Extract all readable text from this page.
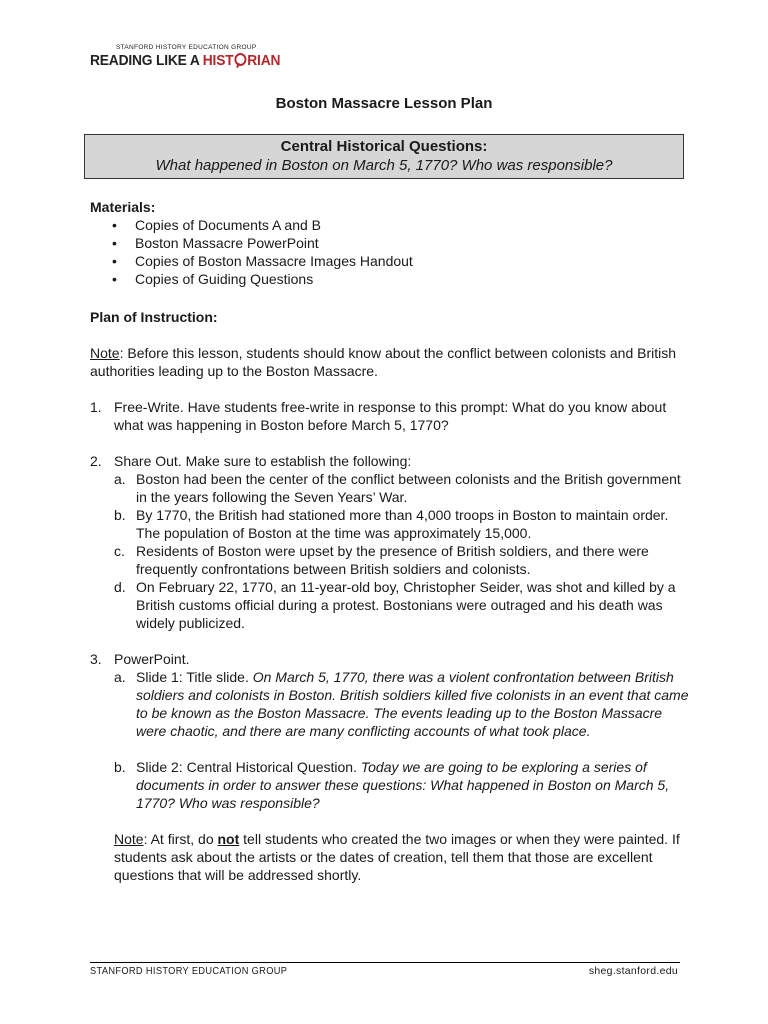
STANFORD HISTORY EDUCATION GROUP
READING LIKE A HIST RIAN
Boston Massacre Lesson Plan
Central Historical Questions:
What happened in Boston on March 5, 1770? Who was responsible?
Materials:
• Copies of Documents A and B
• Boston Massacre PowerPoint
• Copies of Boston Massacre Images Handout
• Copies of Guiding Questions
Plan of Instruction:
Note: Before this lesson, students should know about the conflict between colonists and British authorities leading up to the Boston Massacre.
1. Free-Write. Have students free-write in response to this prompt: What do you know about what was happening in Boston before March 5, 1770?
2. Share Out. Make sure to establish the following:
a. Boston had been the center of the conflict between colonists and the British government in the years following the Seven Years’ War.
b. By 1770, the British had stationed more than 4,000 troops in Boston to maintain order. The population of Boston at the time was approximately 15,000.
c. Residents of Boston were upset by the presence of British soldiers, and there were frequently confrontations between British soldiers and colonists.
d. On February 22, 1770, an 11-year-old boy, Christopher Seider, was shot and killed by a British customs official during a protest. Bostonians were outraged and his death was widely publicized.
3. PowerPoint.
a. Slide 1: Title slide. On March 5, 1770, there was a violent confrontation between British soldiers and colonists in Boston. British soldiers killed five colonists in an event that came to be known as the Boston Massacre. The events leading up to the Boston Massacre were chaotic, and there are many conflicting accounts of what took place.
b. Slide 2: Central Historical Question. Today we are going to be exploring a series of documents in order to answer these questions: What happened in Boston on March 5, 1770? Who was responsible?
Note: At first, do not tell students who created the two images or when they were painted. If students ask about the artists or the dates of creation, tell them that those are excellent questions that will be addressed shortly.
STANFORD HISTORY EDUCATION GROUP	sheg.stanford.edu
